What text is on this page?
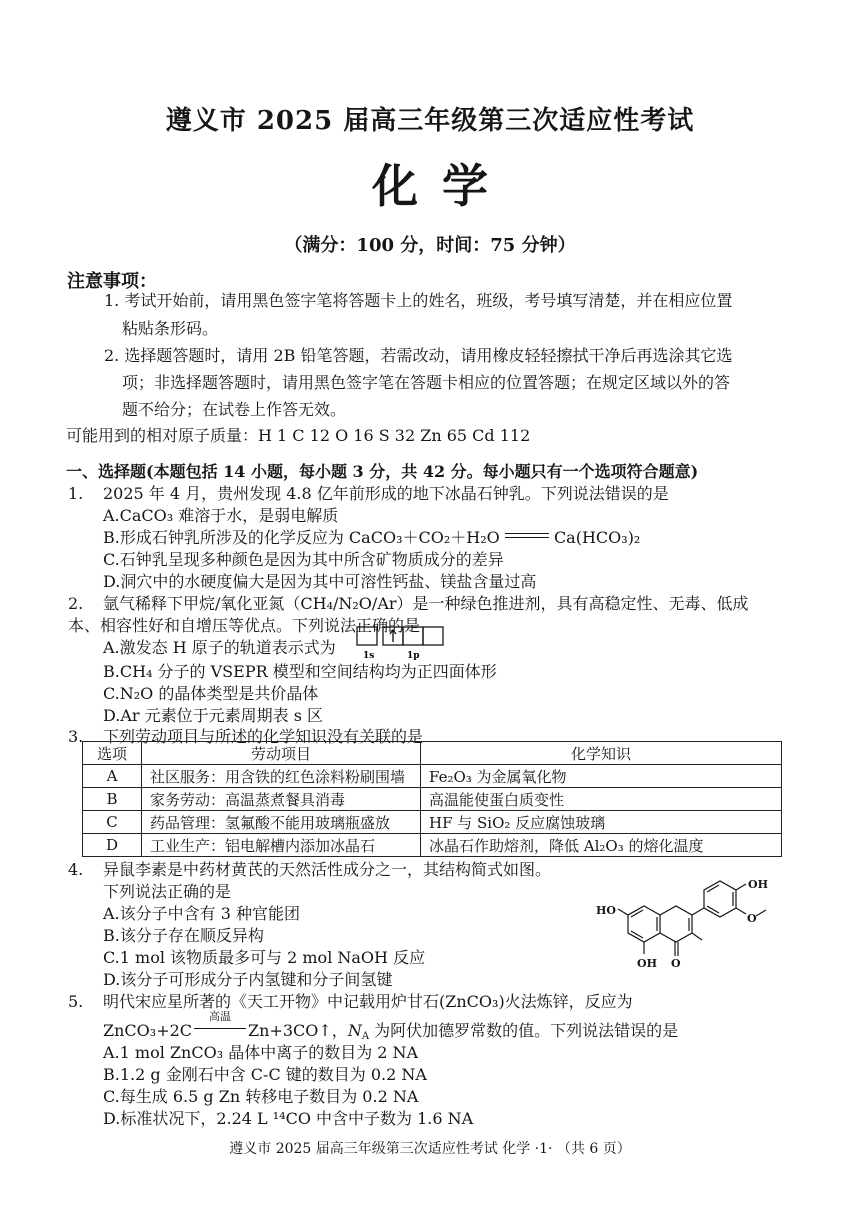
遵义市 2025 届高三年级第三次适应性考试
化学
（满分：100 分，时间：75 分钟）
注意事项：
1. 考试开始前，请用黑色签字笔将答题卡上的姓名，班级，考号填写清楚，并在相应位置
粘贴条形码。
2. 选择题答题时，请用 2B 铅笔答题，若需改动，请用橡皮轻轻擦拭干净后再选涂其它选
项；非选择题答题时，请用黑色签字笔在答题卡相应的位置答题；在规定区域以外的答
题不给分；在试卷上作答无效。
可能用到的相对原子质量：H 1 C 12 O 16 S 32 Zn 65 Cd 112
一、选择题(本题包括 14 小题，每小题 3 分，共 42 分。每小题只有一个选项符合题意)
1. 2025 年 4 月，贵州发现 4.8 亿年前形成的地下冰晶石钟乳。下列说法错误的是
A.CaCO₃ 难溶于水，是弱电解质
B.形成石钟乳所涉及的化学反应为 CaCO₃＋CO₂＋H₂O	Ca(HCO₃)₂
C.石钟乳呈现多种颜色是因为其中所含矿物质成分的差异
D.洞穴中的水硬度偏大是因为其中可溶性钙盐、镁盐含量过高
2. 氩气稀释下甲烷/氧化亚氮（CH₄/N₂O/Ar）是一种绿色推进剂，具有高稳定性、无毒、低成
本、相容性好和自增压等优点。下列说法正确的是
A.激发态 H 原子的轨道表示式为	1s	1p
B.CH₄ 分子的 VSEPR 模型和空间结构均为正四面体形
C.N₂O 的晶体类型是共价晶体
D.Ar 元素位于元素周期表 s 区
3. 下列劳动项目与所述的化学知识没有关联的是
选项	劳动项目	化学知识
A	社区服务：用含铁的红色涂料粉刷围墙	Fe₂O₃ 为金属氧化物
B	家务劳动：高温蒸煮餐具消毒	高温能使蛋白质变性
C	药品管理：氢氟酸不能用玻璃瓶盛放	HF 与 SiO₂ 反应腐蚀玻璃
D	工业生产：铝电解槽内添加冰晶石	冰晶石作助熔剂，降低 Al₂O₃ 的熔化温度
4. 异鼠李素是中药材黄芪的天然活性成分之一，其结构简式如图。
下列说法正确的是
A.该分子中含有 3 种官能团
B.该分子存在顺反异构
C.1 mol 该物质最多可与 2 mol NaOH 反应
D.该分子可形成分子内氢键和分子间氢键
OH
HO
O
OH O
5. 明代宋应星所著的《天工开物》中记载用炉甘石(ZnCO₃)火法炼锌，反应为
ZnCO₃+2C
高温
Zn+3CO↑，$N_A$ 为阿伏加德罗常数的值。下列说法错误的是
A.1 mol ZnCO₃ 晶体中离子的数目为 2 NA
B.1.2 g 金刚石中含 C-C 键的数目为 0.2 NA
C.每生成 6.5 g Zn 转移电子数目为 0.2 NA
D.标准状况下，2.24 L ¹⁴CO 中含中子数为 1.6 NA
遵义市 2025 届高三年级第三次适应性考试 化学 ·1· （共 6 页）
